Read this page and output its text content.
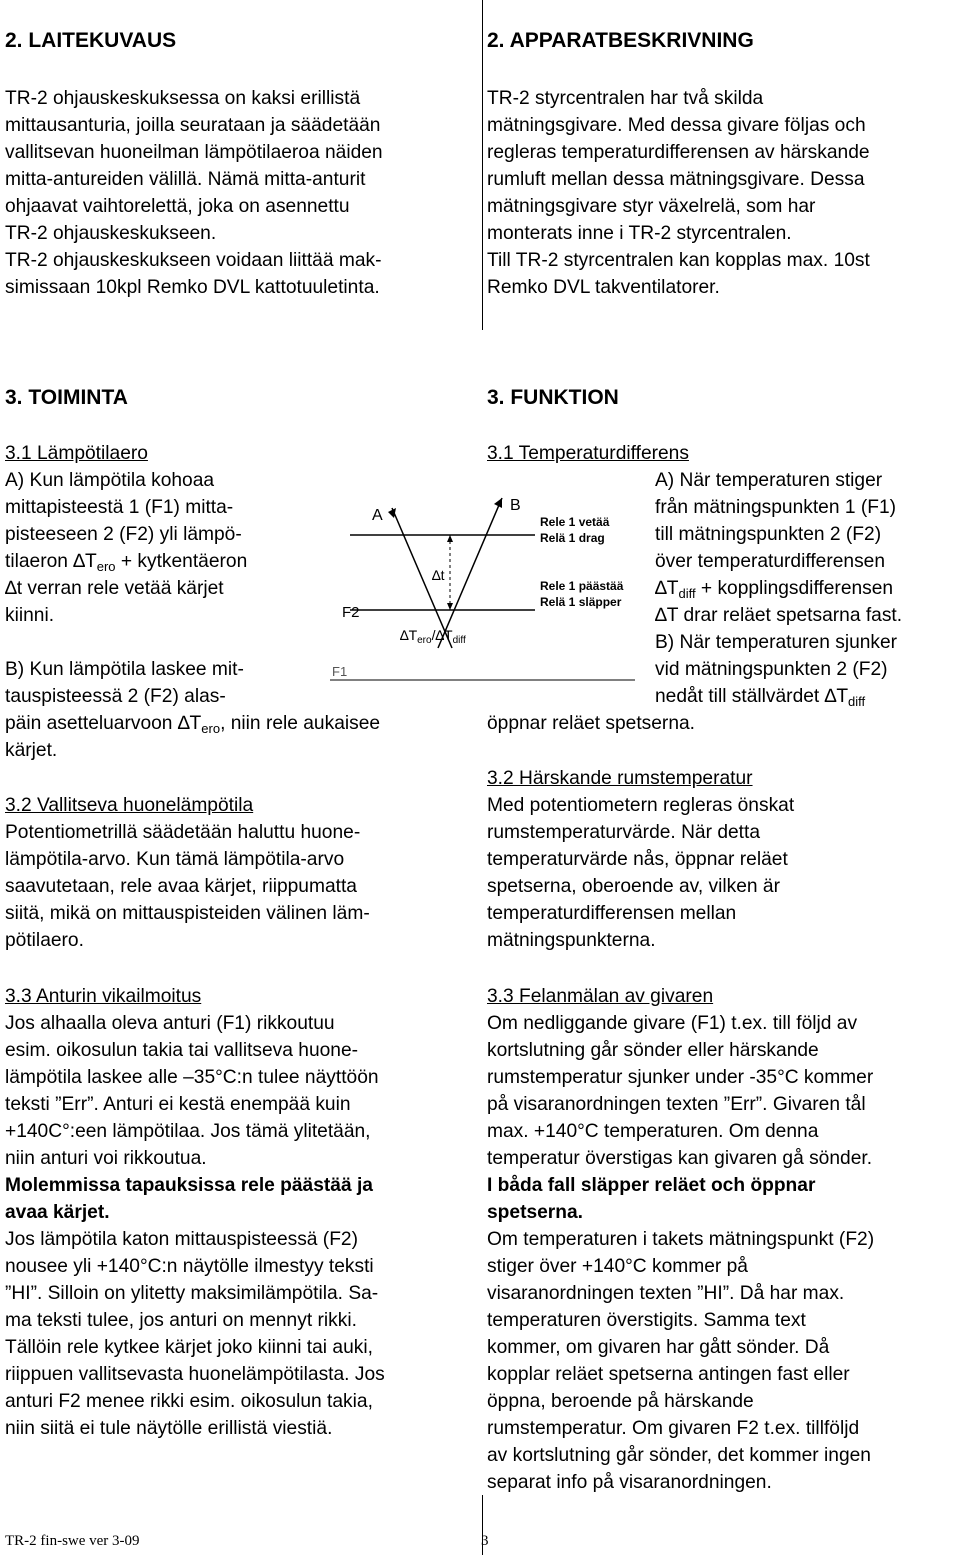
2. LAITEKUVAUS
TR-2 ohjauskeskuksessa on kaksi erillistä
mittausanturia, joilla seurataan ja säädetään
vallitsevan huoneilman lämpötilaeroa näiden
mitta-antureiden välillä. Nämä mitta-anturit
ohjaavat vaihtorelettä, joka on asennettu
TR-2 ohjauskeskukseen.
TR-2 ohjauskeskukseen voidaan liittää mak-
simissaan 10kpl Remko DVL kattotuuletinta.
2. APPARATBESKRIVNING
TR-2 styrcentralen har två skilda
mätningsgivare. Med dessa givare följas och
regleras temperaturdifferensen av härskande
rumluft mellan dessa mätningsgivare. Dessa
mätningsgivare styr växelrelä, som har
monterats inne i TR-2 styrcentralen.
Till TR-2 styrcentralen kan kopplas max. 10st
Remko DVL takventilatorer.
3. TOIMINTA	3. FUNKTION
3.1 Lämpötilaero
A) Kun lämpötila kohoaa
mittapisteestä 1 (F1) mitta-
pisteeseen 2 (F2) yli lämpö-
tilaeron $\Delta T_{ero}$ + kytkentäeron
∆t verran rele vetää kärjet
kiinni.
B) Kun lämpötila laskee mit-
tauspisteessä 2 (F2) alas-
päin asetteluarvoon $\Delta T_{ero}$, niin rele aukaisee
kärjet.
3.1 Temperaturdifferens
A) När temperaturen stiger
från mätningspunkten 1 (F1)
till mätningspunkten 2 (F2)
över temperaturdifferensen
$\Delta T_{diff}$ + kopplingsdifferensen
∆T drar reläet spetsarna fast.
B) När temperaturen sjunker
vid mätningspunkten 2 (F2)
nedåt till ställvärdet $\Delta T_{diff}$
öppnar reläet spetserna.
A
B
F2
F1
∆t
$\Delta T_{ero}/\Delta T_{diff}$
Rele 1 vetää
Relä 1 drag
Rele 1 päästää
Relä 1 släpper
3.2 Vallitseva huonelämpötila
Potentiometrillä säädetään haluttu huone-
lämpötila-arvo. Kun tämä lämpötila-arvo
saavutetaan, rele avaa kärjet, riippumatta
siitä, mikä on mittauspisteiden välinen läm-
pötilaero.
3.2 Härskande rumstemperatur
Med potentiometern regleras önskat
rumstemperaturvärde. När detta
temperaturvärde nås, öppnar reläet
spetserna, oberoende av, vilken är
temperaturdifferensen mellan
mätningspunkterna.
3.3 Anturin vikailmoitus
Jos alhaalla oleva anturi (F1) rikkoutuu
esim. oikosulun takia tai vallitseva huone-
lämpötila laskee alle –35°C:n tulee näyttöön
teksti ”Err”. Anturi ei kestä enempää kuin
+140C°:een lämpötilaa. Jos tämä ylitetään,
niin anturi voi rikkoutua.
Molemmissa tapauksissa rele päästää ja
avaa kärjet.
Jos lämpötila katon mittauspisteessä (F2)
nousee yli +140°C:n näytölle ilmestyy teksti
”HI”. Silloin on ylitetty maksimilämpötila. Sa-
ma teksti tulee, jos anturi on mennyt rikki.
Tällöin rele kytkee kärjet joko kiinni tai auki,
riippuen vallitsevasta huonelämpötilasta. Jos
anturi F2 menee rikki esim. oikosulun takia,
niin siitä ei tule näytölle erillistä viestiä.
3.3 Felanmälan av givaren
Om nedliggande givare (F1) t.ex. till följd av
kortslutning går sönder eller härskande
rumstemperatur sjunker under -35°C kommer
på visaranordningen texten ”Err”. Givaren tål
max. +140°C temperaturen. Om denna
temperatur överstigas kan givaren gå sönder.
I båda fall släpper reläet och öppnar
spetserna.
Om temperaturen i takets mätningspunkt (F2)
stiger över +140°C kommer på
visaranordningen texten ”HI”. Då har max.
temperaturen överstigits. Samma text
kommer, om givaren har gått sönder. Då
kopplar reläet spetserna antingen fast eller
öppna, beroende på härskande
rumstemperatur. Om givaren F2 t.ex. tillföljd
av kortslutning går sönder, det kommer ingen
separat info på visaranordningen.
TR-2 fin-swe ver 3-09	3
